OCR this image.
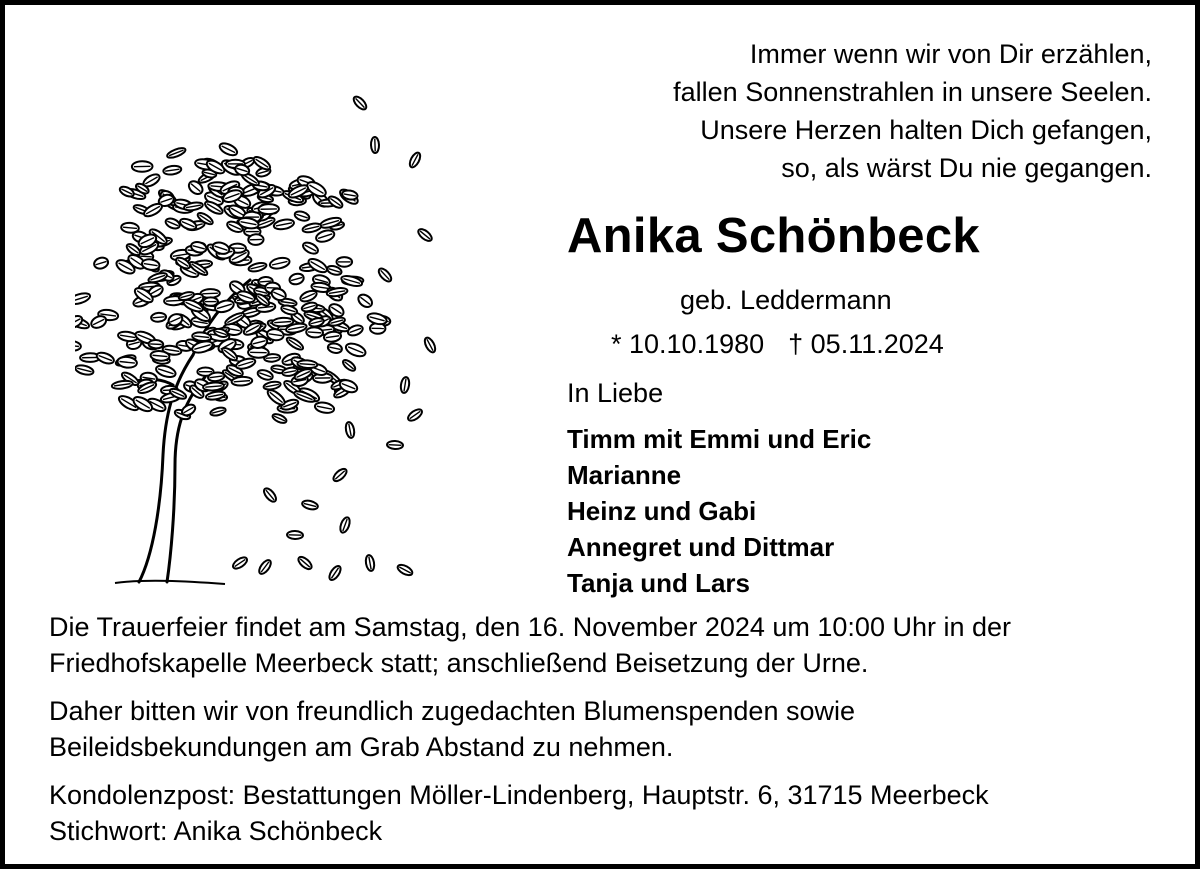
Immer wenn wir von Dir erzählen,
fallen Sonnenstrahlen in unsere Seelen.
Unsere Herzen halten Dich gefangen,
so, als wärst Du nie gegangen.
Anika Schönbeck
geb. Leddermann
* 10.10.1980 † 05.11.2024
In Liebe
Timm mit Emmi und Eric
Marianne
Heinz und Gabi
Annegret und Dittmar
Tanja und Lars
Die Trauerfeier findet am Samstag, den 16. November 2024 um 10:00 Uhr in der
Friedhofskapelle Meerbeck statt; anschließend Beisetzung der Urne.
Daher bitten wir von freundlich zugedachten Blumenspenden sowie
Beileidsbekundungen am Grab Abstand zu nehmen.
Kondolenzpost: Bestattungen Möller-Lindenberg, Hauptstr. 6, 31715 Meerbeck
Stichwort: Anika Schönbeck
